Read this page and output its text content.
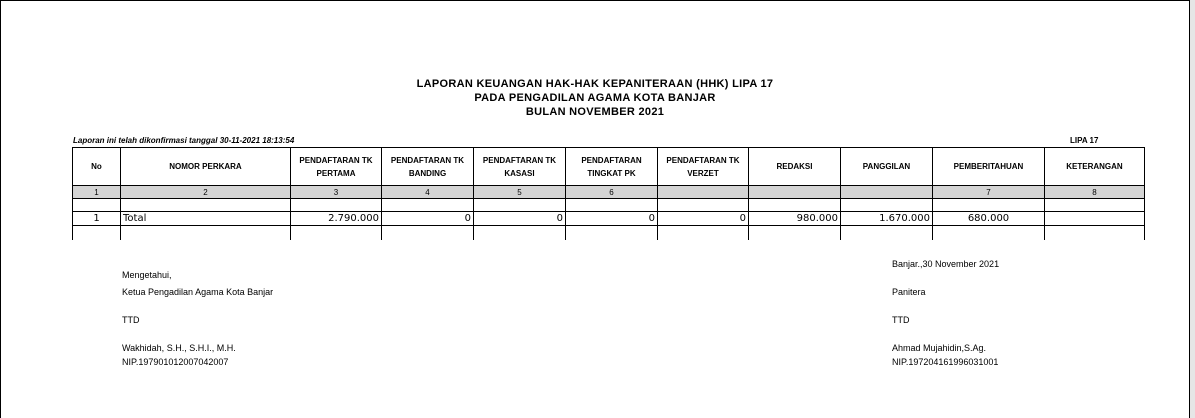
LAPORAN KEUANGAN HAK-HAK KEPANITERAAN (HHK) LIPA 17
PADA PENGADILAN AGAMA KOTA BANJAR
BULAN NOVEMBER 2021
Laporan ini telah dikonfirmasi tanggal 30-11-2021 18:13:54	LIPA 17
No	NOMOR PERKARA	PENDAFTARAN TK PERTAMA	PENDAFTARAN TK BANDING	PENDAFTARAN TK KASASI	PENDAFTARAN TINGKAT PK	PENDAFTARAN TK VERZET	REDAKSI	PANGGILAN	PEMBERITAHUAN	KETERANGAN
1	2	3	4	5	6				7	8

1	Total	2.790.000	0	0	0	0	980.000	1.670.000	680.000	

Mengetahui,
Ketua Pengadilan Agama Kota Banjar
TTD
Wakhidah, S.H., S.H.I., M.H.
NIP.197901012007042007
Banjar.,30 November 2021
Panitera
TTD
Ahmad Mujahidin,S.Ag.
NIP.197204161996031001
